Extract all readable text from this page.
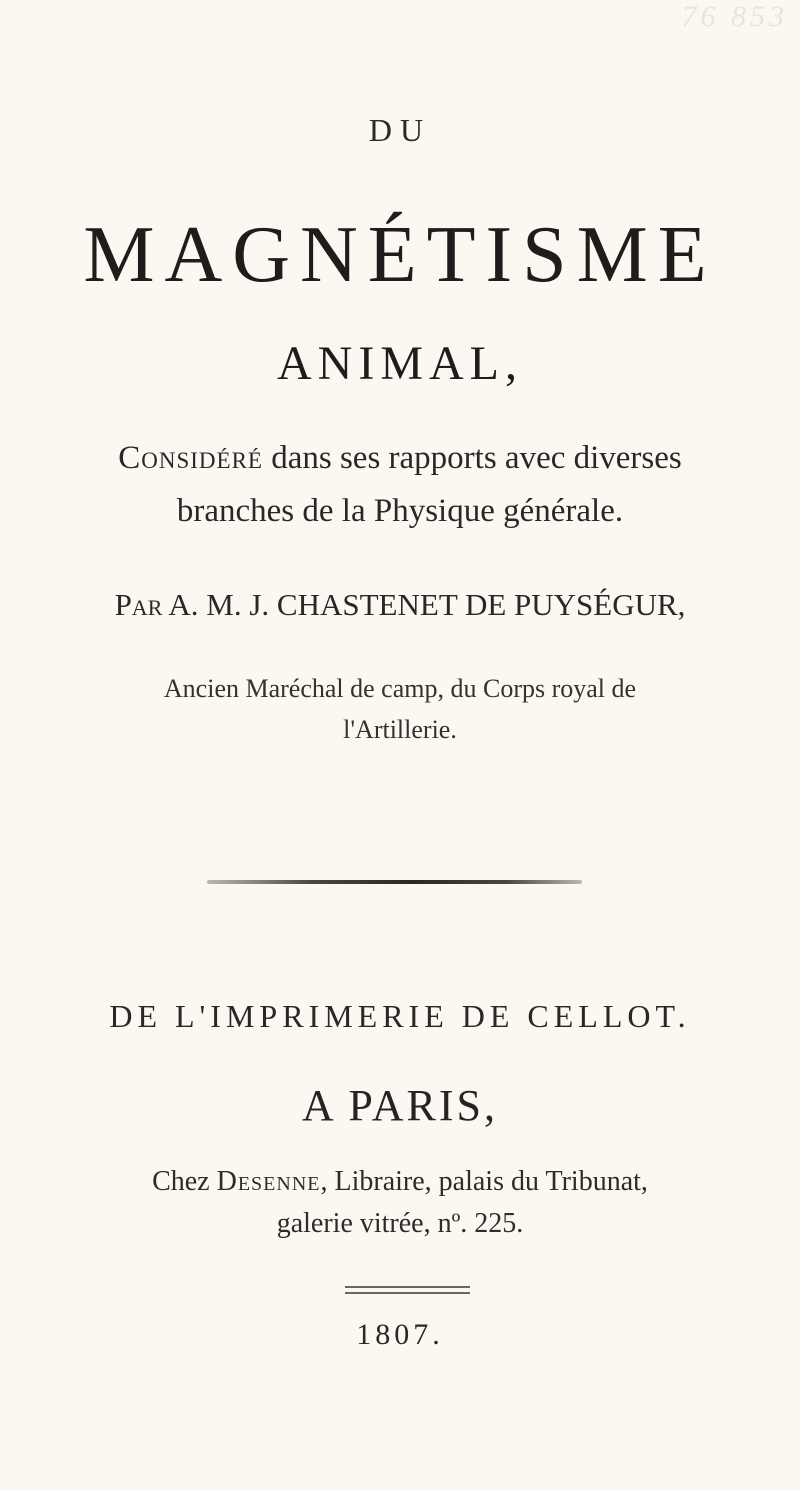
76 853
DU
MAGNÉTISME
ANIMAL,
Considéré dans ses rapports avec diverses
branches de la Physique générale.
Par A. M. J. CHASTENET DE PUYSÉGUR,
Ancien Maréchal de camp, du Corps royal de
l'Artillerie.
DE L'IMPRIMERIE DE CELLOT.
A PARIS,
Chez Desenne, Libraire, palais du Tribunat,
galerie vitrée, nº. 225.
1807.
